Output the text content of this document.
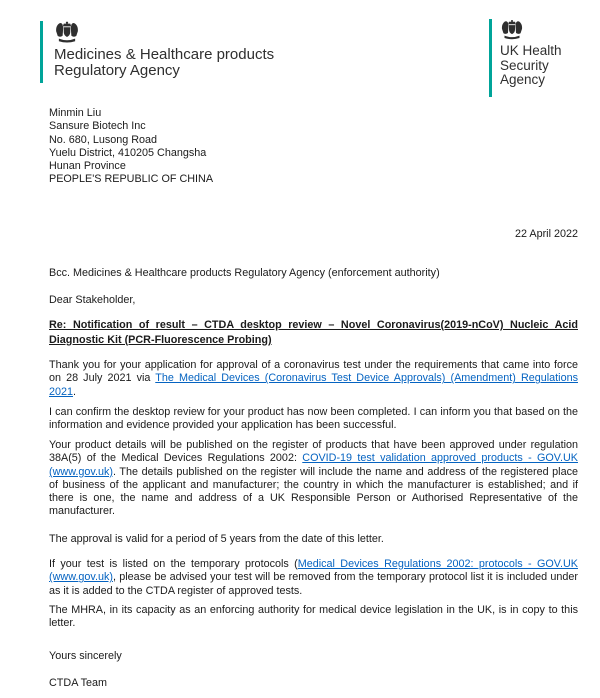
Medicines & Healthcare products
Regulatory Agency
UK Health
Security
Agency
Minmin Liu
Sansure Biotech Inc
No. 680, Lusong Road
Yuelu District, 410205 Changsha
Hunan Province
PEOPLE'S REPUBLIC OF CHINA
22 April 2022
Bcc. Medicines & Healthcare products Regulatory Agency (enforcement authority)
Dear Stakeholder,

Re: Notification of result – CTDA desktop review – Novel Coronavirus(2019-nCoV) Nucleic Acid Diagnostic Kit (PCR-Fluorescence Probing)

Thank you for your application for approval of a coronavirus test under the requirements that came into force on 28 July 2021 via The Medical Devices (Coronavirus Test Device Approvals) (Amendment) Regulations 2021.

I can confirm the desktop review for your product has now been completed. I can inform you that based on the information and evidence provided your application has been successful.

Your product details will be published on the register of products that have been approved under regulation 38A(5) of the Medical Devices Regulations 2002: COVID-19 test validation approved products - GOV.UK (www.gov.uk). The details published on the register will include the name and address of the registered place of business of the applicant and manufacturer; the country in which the manufacturer is established; and if there is one, the name and address of a UK Responsible Person or Authorised Representative of the manufacturer.

The approval is valid for a period of 5 years from the date of this letter.

If your test is listed on the temporary protocols (Medical Devices Regulations 2002: protocols - GOV.UK (www.gov.uk), please be advised your test will be removed from the temporary protocol list it is included under as it is added to the CTDA register of approved tests.

The MHRA, in its capacity as an enforcing authority for medical device legislation in the UK, is in copy to this letter.

Yours sincerely
CTDA Team
